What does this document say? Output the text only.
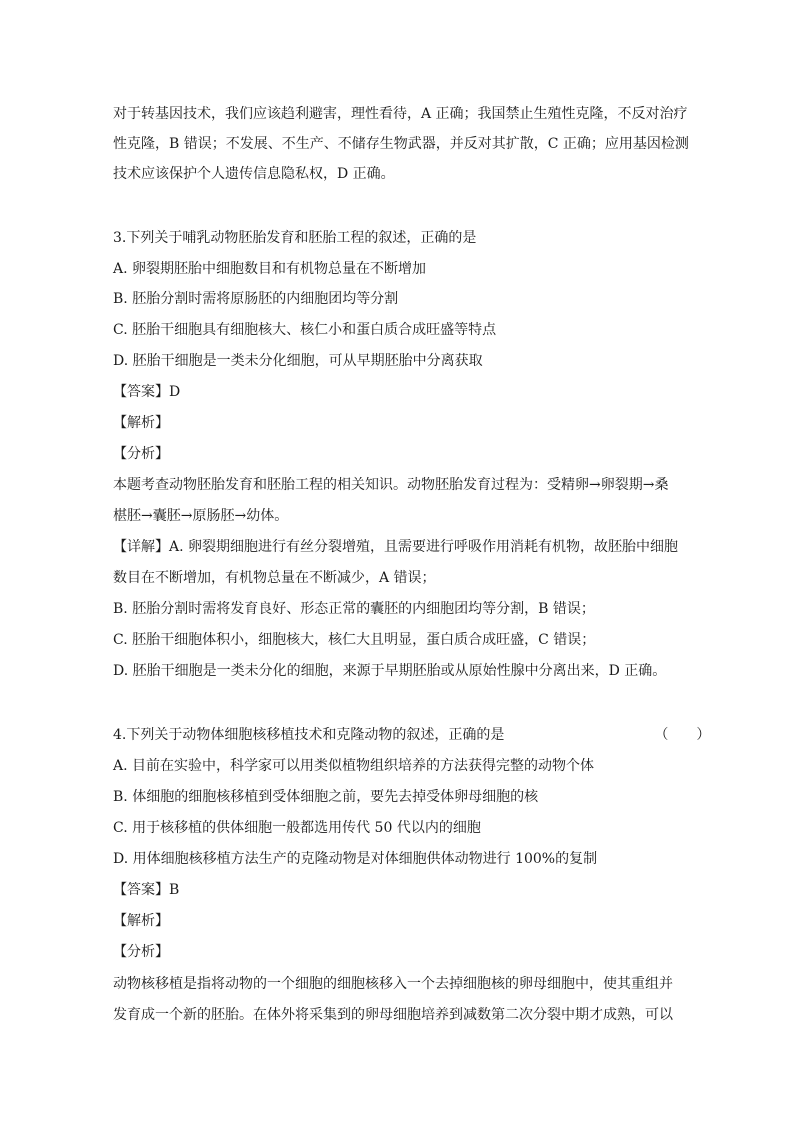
对于转基因技术，我们应该趋利避害，理性看待，A 正确；我国禁止生殖性克隆，不反对治疗
性克隆，B 错误；不发展、不生产、不储存生物武器，并反对其扩散，C 正确；应用基因检测
技术应该保护个人遗传信息隐私权，D 正确。
3.下列关于哺乳动物胚胎发育和胚胎工程的叙述，正确的是
A. 卵裂期胚胎中细胞数目和有机物总量在不断增加
B. 胚胎分割时需将原肠胚的内细胞团均等分割
C. 胚胎干细胞具有细胞核大、核仁小和蛋白质合成旺盛等特点
D. 胚胎干细胞是一类未分化细胞，可从早期胚胎中分离获取
【答案】D
【解析】
【分析】
本题考查动物胚胎发育和胚胎工程的相关知识。动物胚胎发育过程为：受精卵→卵裂期→桑
椹胚→囊胚→原肠胚→幼体。
【详解】A. 卵裂期细胞进行有丝分裂增殖，且需要进行呼吸作用消耗有机物，故胚胎中细胞
数目在不断增加，有机物总量在不断减少，A 错误；
B. 胚胎分割时需将发育良好、形态正常的囊胚的内细胞团均等分割，B 错误；
C. 胚胎干细胞体积小，细胞核大，核仁大且明显，蛋白质合成旺盛，C 错误；
D. 胚胎干细胞是一类未分化的细胞，来源于早期胚胎或从原始性腺中分离出来，D 正确。
4.下列关于动物体细胞核移植技术和克隆动物的叙述，正确的是	（　　）
A. 目前在实验中，科学家可以用类似植物组织培养的方法获得完整的动物个体
B. 体细胞的细胞核移植到受体细胞之前，要先去掉受体卵母细胞的核
C. 用于核移植的供体细胞一般都选用传代 50 代以内的细胞
D. 用体细胞核移植方法生产的克隆动物是对体细胞供体动物进行 100%的复制
【答案】B
【解析】
【分析】
动物核移植是指将动物的一个细胞的细胞核移入一个去掉细胞核的卵母细胞中，使其重组并
发育成一个新的胚胎。在体外将采集到的卵母细胞培养到减数第二次分裂中期才成熟，可以
